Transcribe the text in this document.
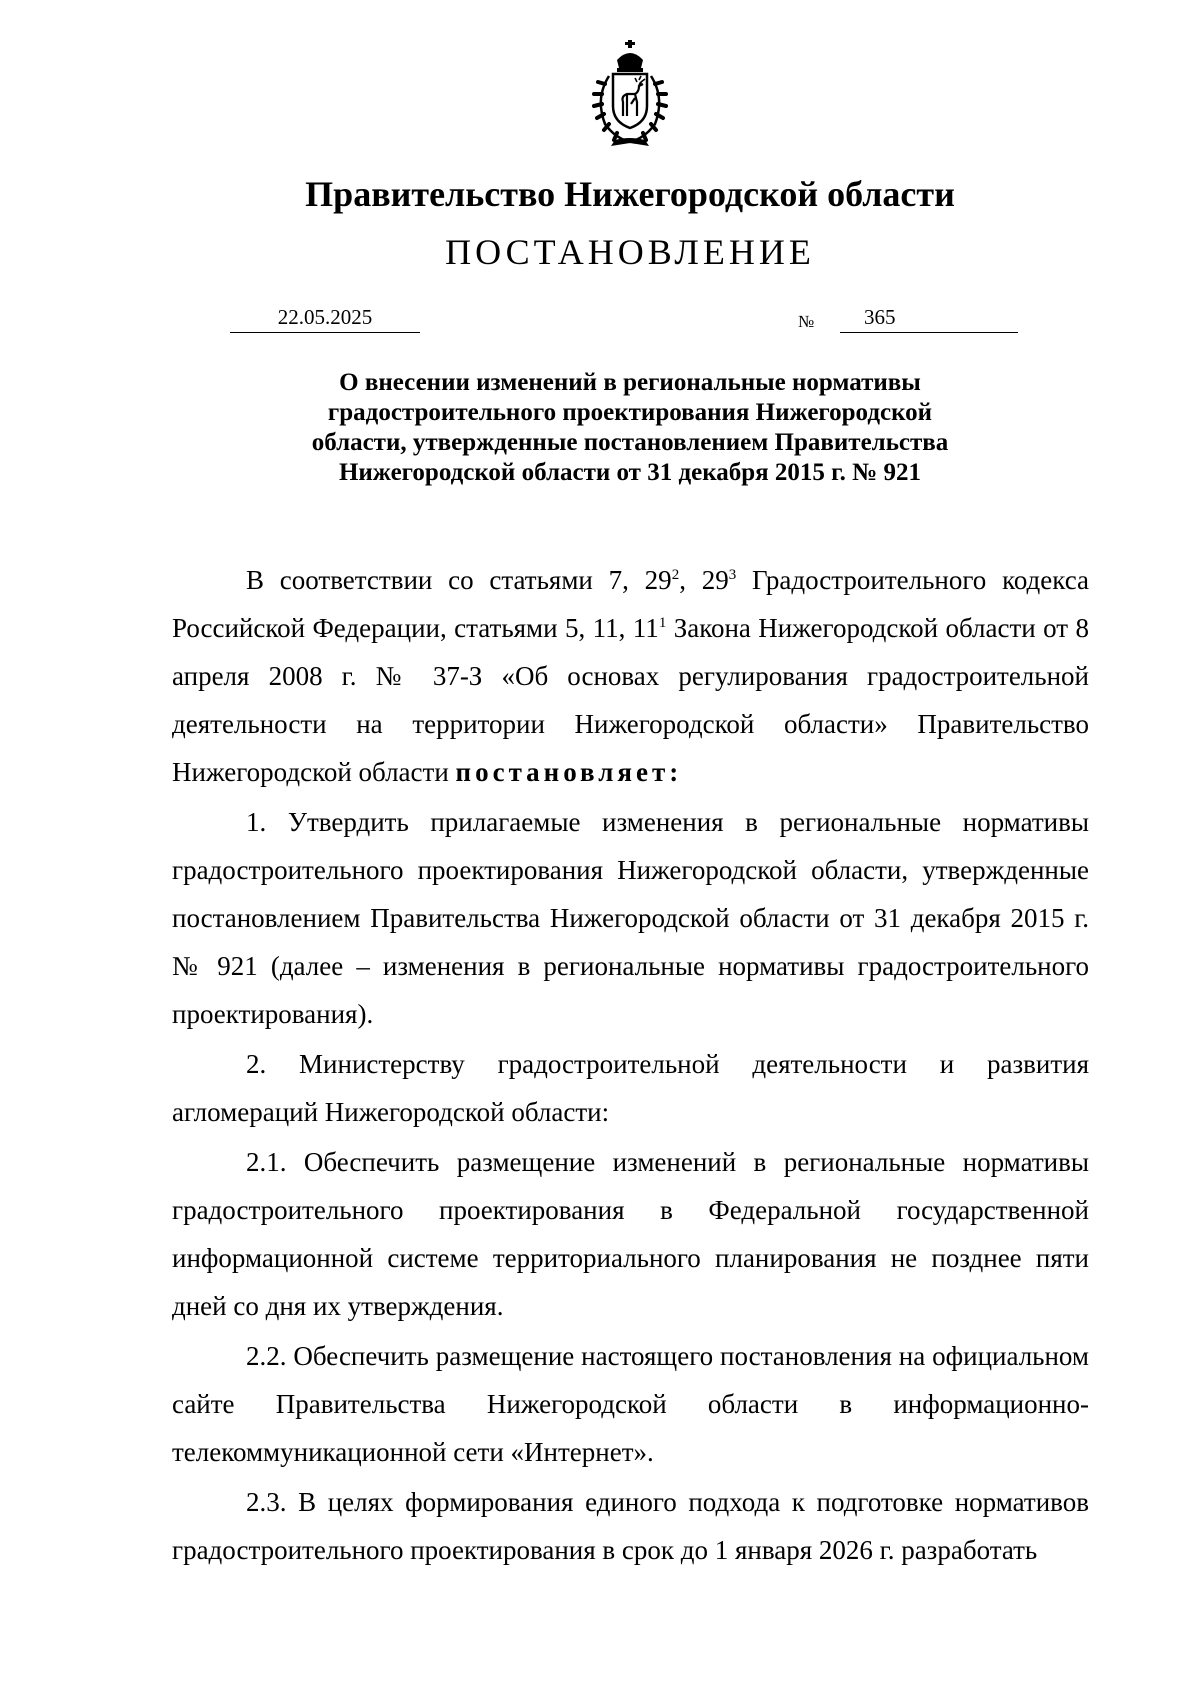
Правительство Нижегородской области
ПОСТАНОВЛЕНИЕ
22.05.2025	№	365
О внесении изменений в региональные нормативы
градостроительного проектирования Нижегородской
области, утвержденные постановлением Правительства
Нижегородской области от 31 декабря 2015 г. № 921

В соответствии со статьями 7, $29^2$, $29^3$ Градостроительного кодекса Российской Федерации, статьями 5, 11, $11^1$ Закона Нижегородской области от 8 апреля 2008 г. № 37-З «Об основах регулирования градостроительной деятельности на территории Нижегородской области» Правительство Нижегородской области постановляет:

1. Утвердить прилагаемые изменения в региональные нормативы градостроительного проектирования Нижегородской области, утвержденные постановлением Правительства Нижегородской области от 31 декабря 2015 г. № 921 (далее – изменения в региональные нормативы градостроительного проектирования).

2. Министерству градостроительной деятельности и развития агломераций Нижегородской области:

2.1. Обеспечить размещение изменений в региональные нормативы градостроительного проектирования в Федеральной государственной информационной системе территориального планирования не позднее пяти дней со дня их утверждения.

2.2. Обеспечить размещение настоящего постановления на официальном сайте Правительства Нижегородской области в информационно-телекоммуникационной сети «Интернет».

2.3. В целях формирования единого подхода к подготовке нормативов градостроительного проектирования в срок до 1 января 2026 г. разработать
